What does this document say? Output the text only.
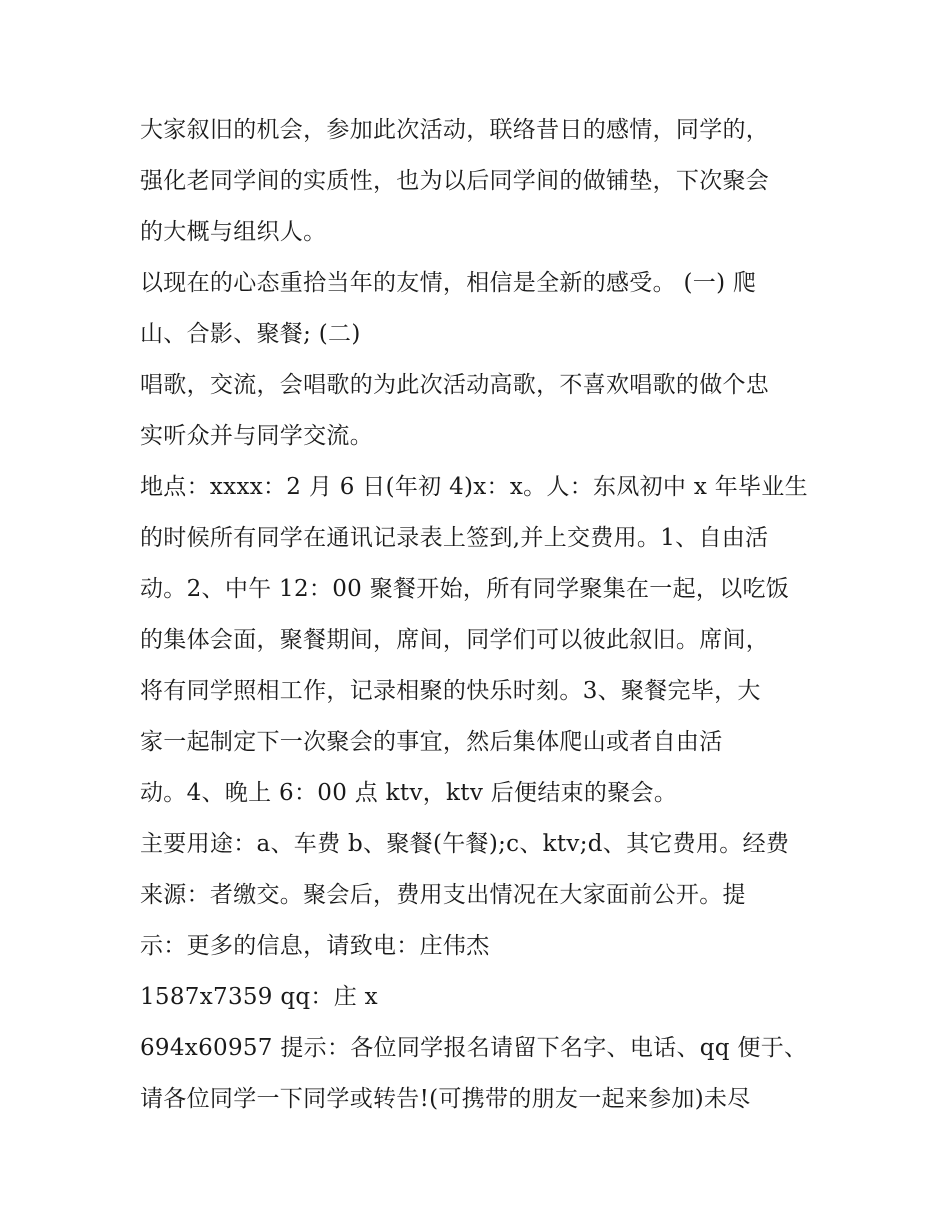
大家叙旧的机会，参加此次活动，联络昔日的感情，同学的，
强化老同学间的实质性，也为以后同学间的做铺垫，下次聚会
的大概与组织人。
以现在的心态重拾当年的友情，相信是全新的感受。 (一) 爬
山、合影、聚餐; (二)
唱歌，交流，会唱歌的为此次活动高歌，不喜欢唱歌的做个忠
实听众并与同学交流。
地点：xxxx：2 月 6 日(年初 4)x：x。人：东凤初中 x 年毕业生
的时候所有同学在通讯记录表上签到,并上交费用。1、自由活
动。2、中午 12：00 聚餐开始，所有同学聚集在一起，以吃饭
的集体会面，聚餐期间，席间，同学们可以彼此叙旧。席间，
将有同学照相工作，记录相聚的快乐时刻。3、聚餐完毕，大
家一起制定下一次聚会的事宜，然后集体爬山或者自由活
动。4、晚上 6：00 点 ktv，ktv 后便结束的聚会。
主要用途：a、车费 b、聚餐(午餐);c、ktv;d、其它费用。经费
来源：者缴交。聚会后，费用支出情况在大家面前公开。提
示：更多的信息，请致电：庄伟杰
1587x7359 qq：庄 x
694x60957 提示：各位同学报名请留下名字、电话、qq 便于、
请各位同学一下同学或转告!(可携带的朋友一起来参加)未尽
